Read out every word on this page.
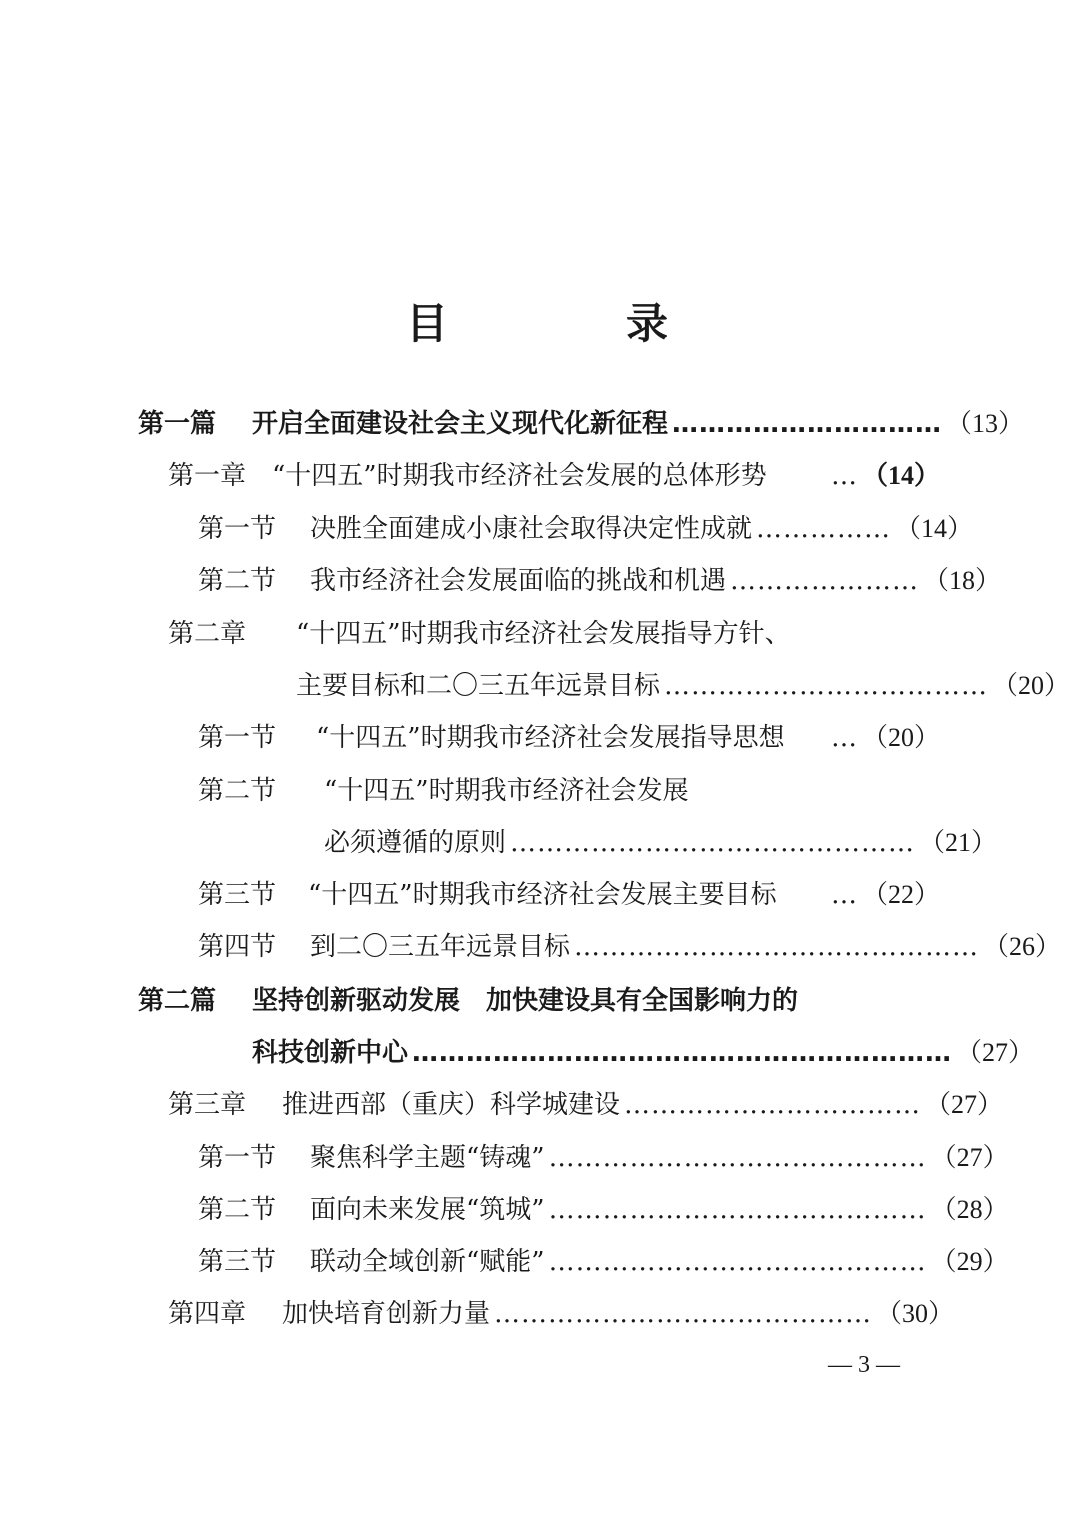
目　录
第一篇	开启全面建设社会主义现代化新征程 ………………………… （13）
第一章 “十四五”时期我市经济社会发展的总体形势	… （14）
第一节	决胜全面建成小康社会取得决定性成就 …………… （14）
第二节	我市经济社会发展面临的挑战和机遇 ………………… （18）
第二章	“十四五”时期我市经济社会发展指导方针、
主要目标和二〇三五年远景目标 ……………………………… （20）
第一节	“十四五”时期我市经济社会发展指导思想	… （20）
第二节	“十四五”时期我市经济社会发展
必须遵循的原则 ……………………………………… （21）
第三节	“十四五”时期我市经济社会发展主要目标	… （22）
第四节	到二〇三五年远景目标 ……………………………………… （26）
第二篇	坚持创新驱动发展　加快建设具有全国影响力的
科技创新中心 …………………………………………………… （27）
第三章	推进西部（重庆）科学城建设 …………………………… （27）
第一节	聚焦科学主题“铸魂” …………………………………… （27）
第二节	面向未来发展“筑城” …………………………………… （28）
第三节	联动全域创新“赋能” …………………………………… （29）
第四章	加快培育创新力量 …………………………………… （30）
— 3 —
